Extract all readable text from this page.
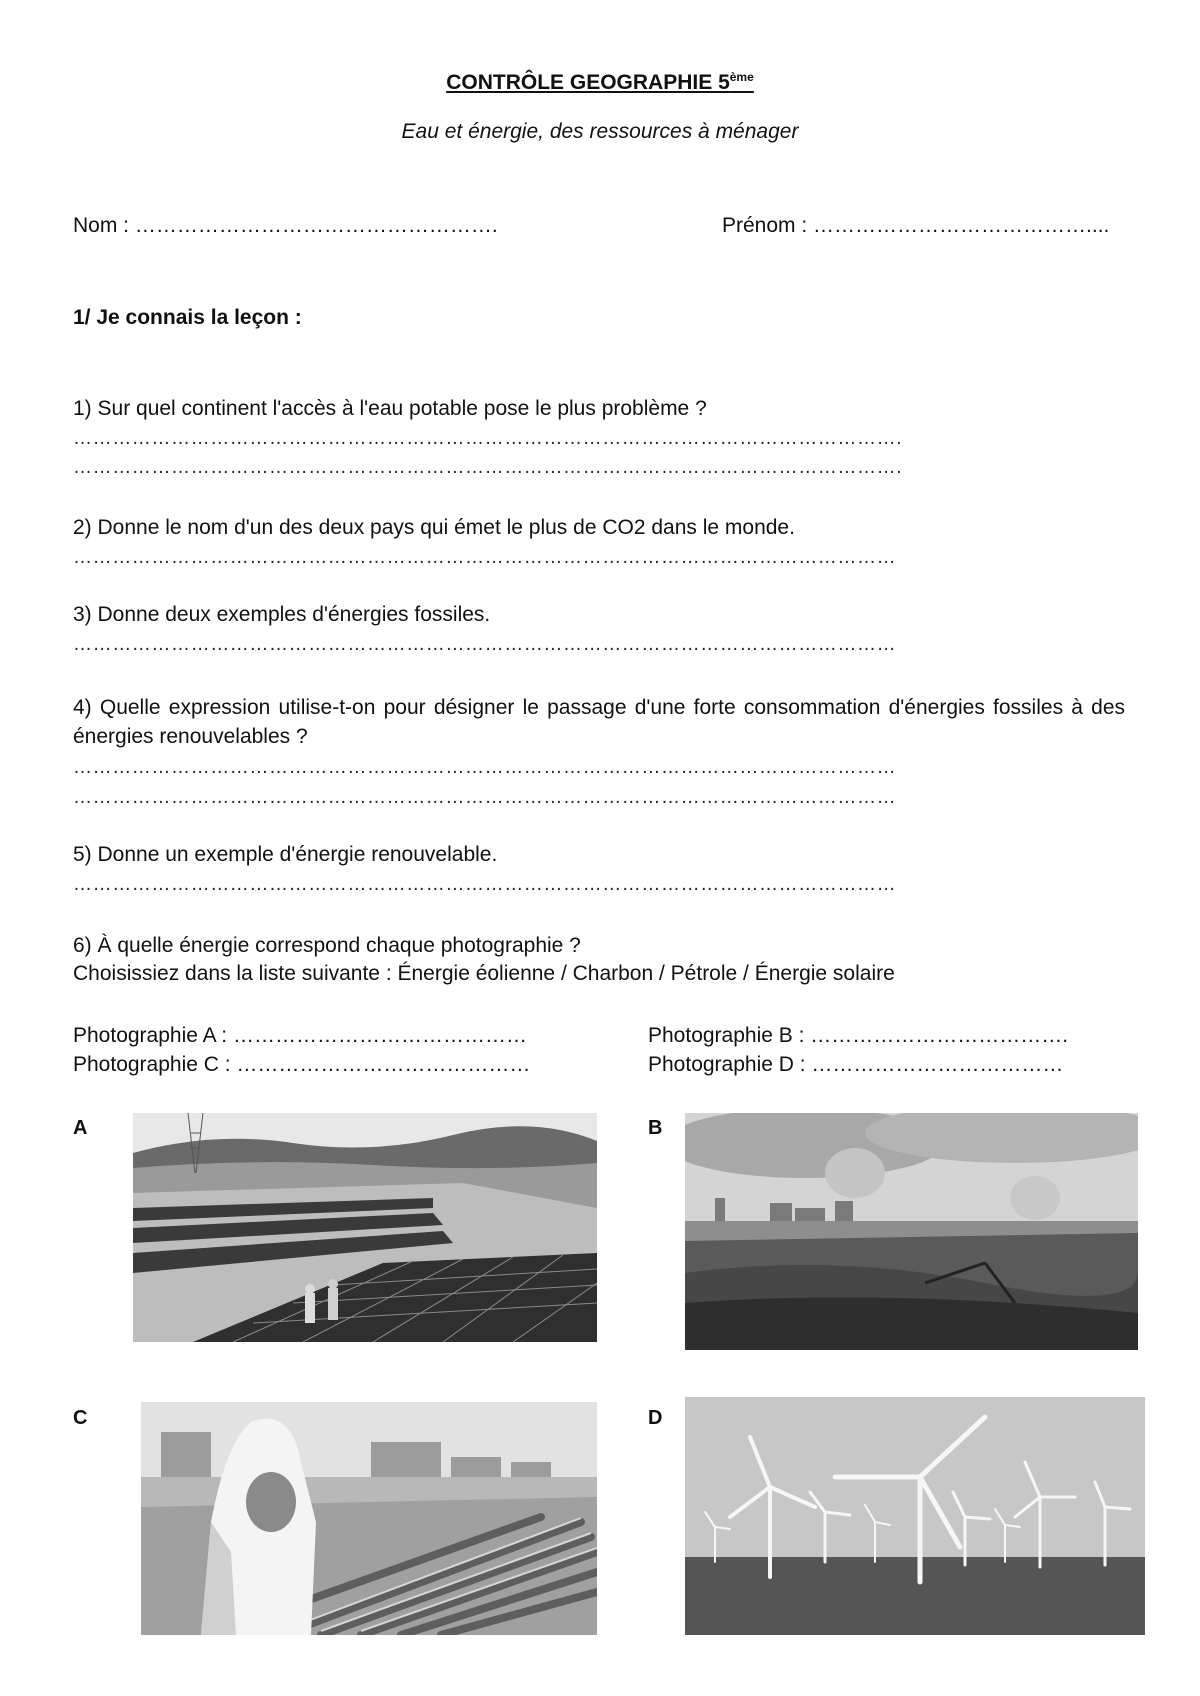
CONTRÔLE GEOGRAPHIE 5ème
Eau et énergie, des ressources à ménager
Nom : …………………………………………….	Prénom : …………………………………....
1/ Je connais la leçon :
1) Sur quel continent l'accès à l'eau potable pose le plus problème ?
……………………………………………………………………………………………………………….
……………………………………………………………………………………………………………….
2) Donne le nom d'un des deux pays qui émet le plus de CO2 dans le monde.
………………………………………………………………………………………………………………
3) Donne deux exemples d'énergies fossiles.
………………………………………………………………………………………………………………
4) Quelle expression utilise-t-on pour désigner le passage d'une forte consommation d'énergies fossiles à des énergies renouvelables ?
………………………………………………………………………………………………………………
………………………………………………………………………………………………………………
5) Donne un exemple d'énergie renouvelable.
………………………………………………………………………………………………………………
6) À quelle énergie correspond chaque photographie ?
Choisissiez dans la liste suivante : Énergie éolienne / Charbon / Pétrole / Énergie solaire
Photographie A : ……………………………………	Photographie B : ……………………………….
Photographie C : ……………………………………	Photographie D : ………………………………
A	B
C	D
